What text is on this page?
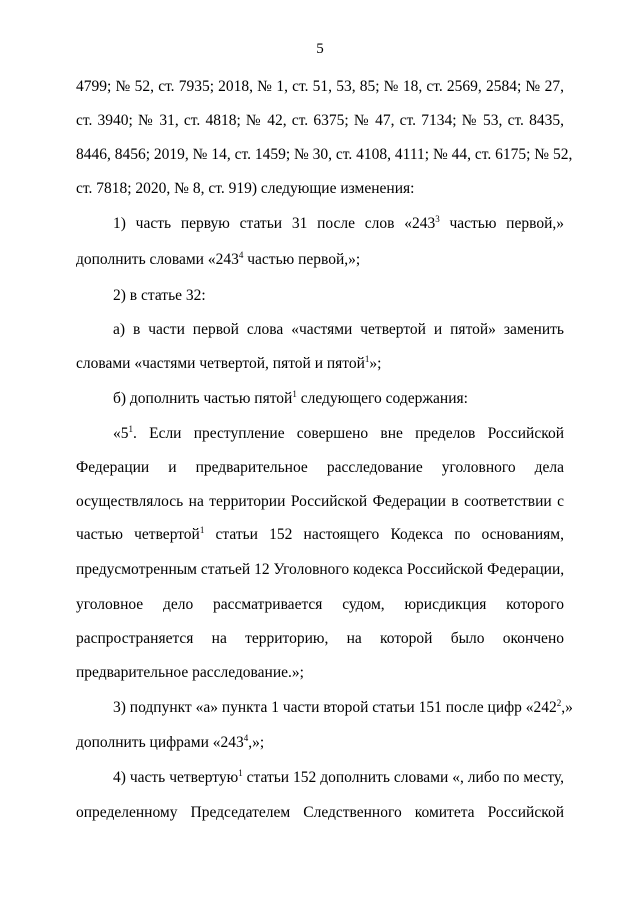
5
4799; № 52, ст. 7935; 2018, № 1, ст. 51, 53, 85; № 18, ст. 2569, 2584; № 27,
ст. 3940; № 31, ст. 4818; № 42, ст. 6375; № 47, ст. 7134; № 53, ст. 8435,
8446, 8456; 2019, № 14, ст. 1459; № 30, ст. 4108, 4111; № 44, ст. 6175; № 52,
ст. 7818; 2020, № 8, ст. 919) следующие изменения:
1) часть первую статьи 31 после слов «$243^3$ частью первой,»
дополнить словами «$243^4$ частью первой,»;
2) в статье 32:
а) в части первой слова «частями четвертой и пятой» заменить
словами «частями четвертой, пятой и пятой$^1$»;
б) дополнить частью пятой$^1$ следующего содержания:
«$5^1$. Если преступление совершено вне пределов Российской
Федерации и предварительное расследование уголовного дела
осуществлялось на территории Российской Федерации в соответствии с
частью четвертой$^1$ статьи 152 настоящего Кодекса по основаниям,
предусмотренным статьей 12 Уголовного кодекса Российской Федерации,
уголовное дело рассматривается судом, юрисдикция которого
распространяется на территорию, на которой было окончено
предварительное расследование.»;
3) подпункт «а» пункта 1 части второй статьи 151 после цифр «$242^2$,»
дополнить цифрами «$243^4$,»;
4) часть четвертую$^1$ статьи 152 дополнить словами «, либо по месту,
определенному Председателем Следственного комитета Российской
